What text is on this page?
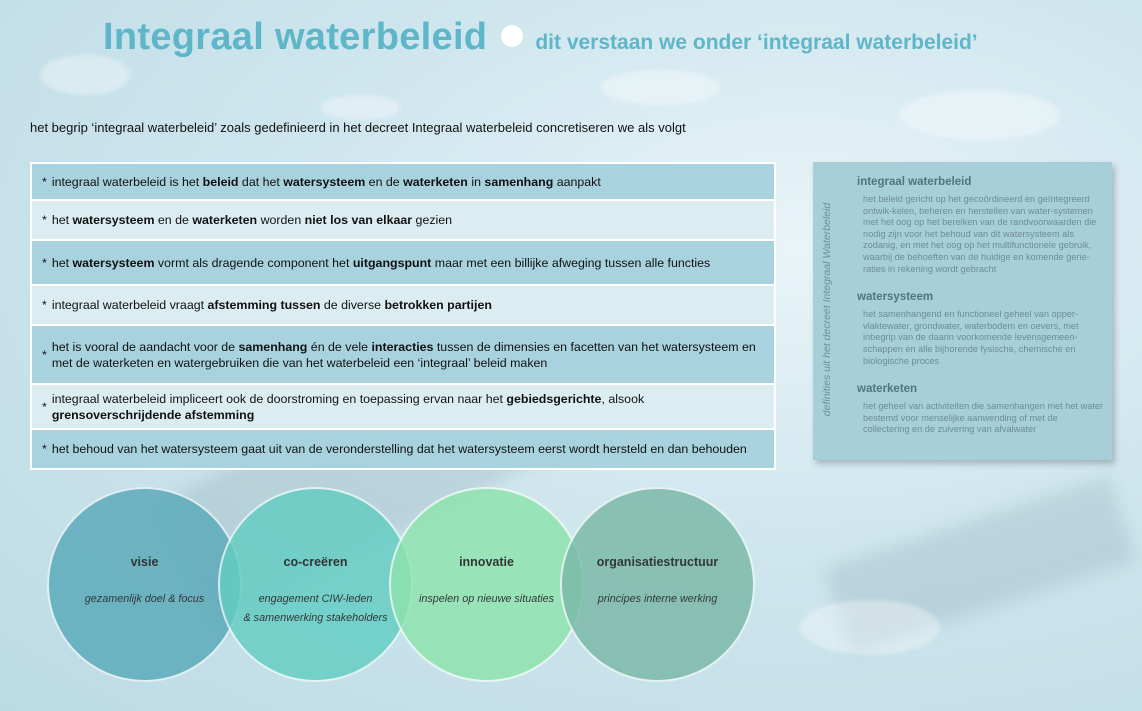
Integraal waterbeleid dit verstaan we onder ‘integraal waterbeleid’
het begrip ‘integraal waterbeleid’ zoals gedefinieerd in het decreet Integraal waterbeleid concretiseren we als volgt
* integraal waterbeleid is het beleid dat het watersysteem en de waterketen in samenhang aanpakt
* het watersysteem en de waterketen worden niet los van elkaar gezien
* het watersysteem vormt als dragende component het uitgangspunt maar met een billijke afweging tussen alle functies
* integraal waterbeleid vraagt afstemming tussen de diverse betrokken partijen
*
het is vooral de aandacht voor de samenhang én de vele interacties tussen de dimensies en facetten van het watersysteem en met de waterketen en watergebruiken die van het waterbeleid een ‘integraal’ beleid maken
*
integraal waterbeleid impliceert ook de doorstroming en toepassing ervan naar het gebiedsgerichte, alsook grensoverschrijdende afstemming
* het behoud van het watersysteem gaat uit van de veronderstelling dat het watersysteem eerst wordt hersteld en dan behouden
definities uit het decreet Integraal Waterbeleid
integraal waterbeleid
het beleid gericht op het gecoördineerd en geïntegreerd ontwik-kelen, beheren en herstellen van water-systemen met het oog op het bereiken van de randvoorwaarden die nodig zijn voor het behoud van dit watersysteem als zodanig, en met het oog op het multifunctionele gebruik, waarbij de behoeften van de huidige en komende gene-raties in rekening wordt gebracht
watersysteem
het samenhangend en functioneel geheel van opper-vlaktewater, grondwater, waterbodem en oevers, met inbegrip van de daarin voorkomende levensgemeen-schappen en alle bijhorende fysische, chemische en biologische proces
waterketen
het geheel van activiteiten die samenhangen met het water bestemd voor menselijke aanwending of met de collectering en de zuivering van afvalwater
visie
gezamenlijk doel & focus
co-creëren
engagement CIW-leden
& samenwerking stakeholders
innovatie
inspelen op nieuwe situaties
organisatiestructuur
principes interne werking
